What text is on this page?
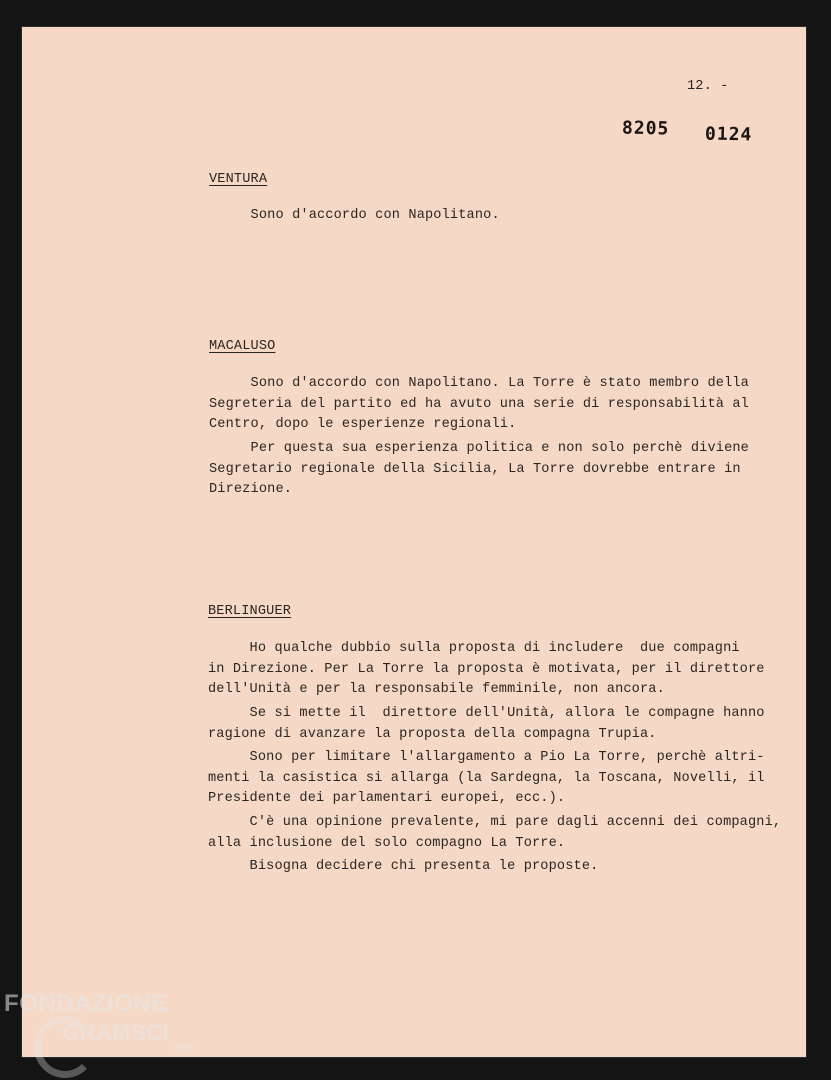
12. -
8205 0124
VENTURA
Sono d'accordo con Napolitano.
MACALUSO
Sono d'accordo con Napolitano. La Torre è stato membro della
Segreteria del partito ed ha avuto una serie di responsabilità al
Centro, dopo le esperienze regionali.
Per questa sua esperienza politica e non solo perchè diviene
Segretario regionale della Sicilia, La Torre dovrebbe entrare in
Direzione.
BERLINGUER
Ho qualche dubbio sulla proposta di includere  due compagni
in Direzione. Per La Torre la proposta è motivata, per il direttore
dell'Unità e per la responsabile femminile, non ancora.
Se si mette il  direttore dell'Unità, allora le compagne hanno
ragione di avanzare la proposta della compagna Trupia.
Sono per limitare l'allargamento a Pio La Torre, perchè altri-
menti la casistica si allarga (la Sardegna, la Toscana, Novelli, il
Presidente dei parlamentari europei, ecc.).
C'è una opinione prevalente, mi pare dagli accenni dei compagni,
alla inclusione del solo compagno La Torre.
Bisogna decidere chi presenta le proposte.
FONDAZIONE
GRAMSCI
onlus
